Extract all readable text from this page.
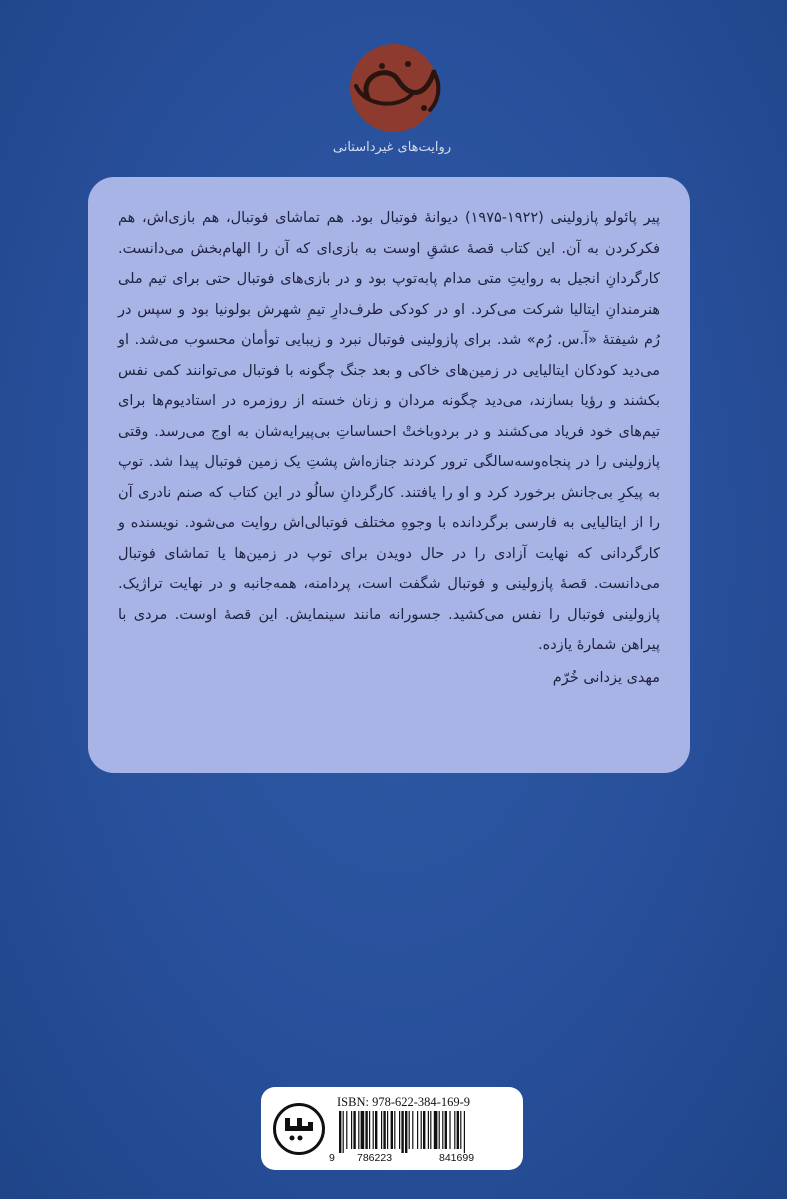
روایت‌های غیرداستانی

پیر پائولو پازولینی (۱۹۲۲-۱۹۷۵) دیوانهٔ فوتبال بود. هم تماشای فوتبال، هم بازی‌اش، هم فکرکردن به آن. این کتاب قصهٔ عشقِ اوست به بازی‌ای که آن را الهام‌بخش می‌دانست. کارگردانِ انجیل به روایتِ متی مدام پابه‌توپ بود و در بازی‌های فوتبال حتی برای تیم ملی هنرمندانِ ایتالیا شرکت می‌کرد. او در کودکی طرف‌دارِ تیمِ شهرش بولونیا بود و سپس در رُم شیفتهٔ «آ.س. رُم» شد. برای پازولینی فوتبال نبرد و زیبایی توأمان محسوب می‌شد. او می‌دید کودکان ایتالیایی در زمین‌های خاکی و بعد جنگ چگونه با فوتبال می‌توانند کمی نفس بکشند و رؤیا بسازند، می‌دید چگونه مردان و زنان خسته از روزمره در استادیوم‌ها برای تیم‌های خود فریاد می‌کشند و در بردوباختْ احساساتِ بی‌پیرایه‌شان به اوج می‌رسد. وقتی پازولینی را در پنجاه‌وسه‌سالگی ترور کردند جنازه‌اش پشتِ یک زمین فوتبال پیدا شد. توپ به پیکرِ بی‌جانش برخورد کرد و او را یافتند. کارگردانِ سالُو در این کتاب که صنم نادری آن را از ایتالیایی به فارسی برگردانده با وجوهِ مختلف فوتبالی‌اش روایت می‌شود. نویسنده و کارگردانی که نهایت آزادی را در حال دویدن برای توپ در زمین‌ها یا تماشای فوتبال می‌دانست. قصهٔ پازولینی و فوتبال شگفت است، پردامنه، همه‌جانبه و در نهایت تراژیک. پازولینی فوتبال را نفس می‌کشید. جسورانه مانند سینمایش. این قصهٔ اوست. مردی با پیراهن شمارهٔ یازده.

مهدی یزدانی خُرّم

ISBN: 978-622-384-169-9
9 786223	841699
